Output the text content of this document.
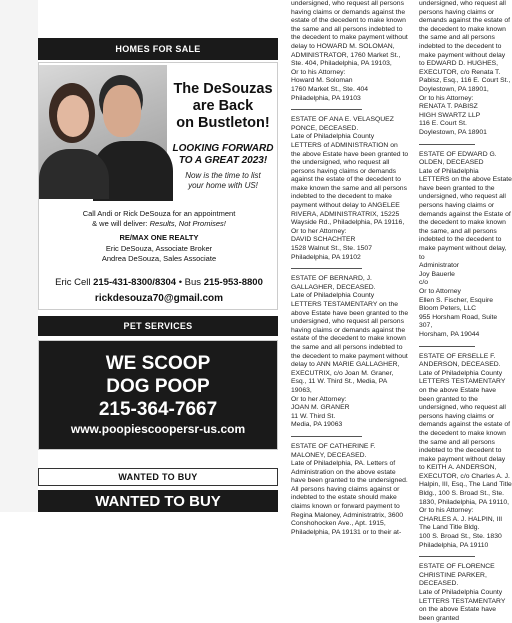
HOMES FOR SALE
The DeSouzas
are Back
on Bustleton!
LOOKING FORWARD
TO A GREAT 2023!
Now is the time to list
your home with US!
Call Andi or Rick DeSouza for an appointment
& we will deliver: Results, Not Promises!
RE/MAX ONE REALTY
Eric DeSouza, Associate Broker
Andrea DeSouza, Sales Associate
Eric Cell 215-431-8300/8304 • Bus 215-953-8800
rickdesouza70@gmail.com
PET SERVICES
WE SCOOP
DOG POOP
215-364-7667
www.poopiescoopersr-us.com
WANTED TO BUY
WANTED TO BUY

undersigned, who request all persons having claims or demands against the estate of the decedent to make known the same and all persons indebted to the decedent to make payment without delay to HOWARD M. SOLOMAN, ADMINISTRATOR, 1760 Market St., Ste. 404, Philadelphia, PA 19103,

Or to his Attorney:

Howard M. Soloman

1760 Market St., Ste. 404

Philadelphia, PA 19103

ESTATE OF ANA E. VELASQUEZ PONCE, DECEASED.

Late of Philadelphia County

LETTERS of ADMINISTRATION on the above Estate have been granted to the undersigned, who request all persons having claims or demands against the estate of the decedent to make known the same and all persons indebted to the decedent to make payment without delay to ANGELEE RIVERA, ADMINISTRATRIX, 15225 Wayside Rd., Philadelphia, PA 19116,

Or to her Attorney:

DAVID SCHACHTER

1528 Walnut St., Ste. 1507

Philadelphia, PA 19102

ESTATE OF BERNARD, J. GALLAGHER, DECEASED.

Late of Philadelphia County

LETTERS TESTAMENTARY on the above Estate have been granted to the undersigned, who request all persons having claims or demands against the estate of the decedent to make known the same and all persons indebted to the decedent to make payment without delay to ANN MARIE GALLAGHER, EXECUTRIX, c/o Joan M. Graner, Esq., 11 W. Third St., Media, PA 19063,

Or to her Attorney:

JOAN M. GRANER

11 W. Third St.

Media, PA 19063

ESTATE OF CATHERINE F. MALONEY, DECEASED.

Late of Philadelphia, PA. Letters of Administration on the above estate have been granted to the undersigned. All persons having claims against or indebted to the estate should make claims known or forward payment to Regina Maloney, Administratrix, 3600 Conshohocken Ave., Apt. 1915, Philadelphia, PA 19131 or to their at-

undersigned, who request all persons having claims or demands against the estate of the decedent to make known the same and all persons indebted to the decedent to make payment without delay to EDWARD D. HUGHES, EXECUTOR, c/o Renata T. Pabisz, Esq., 116 E. Court St., Doylestown, PA 18901,

Or to his Attorney:

RENATA T. PABISZ

HIGH SWARTZ LLP

116 E. Court St.

Doylestown, PA 18901

ESTATE OF EDWARD G. OLDEN, DECEASED

Late of Philadelphia

LETTERS on the above Estate have been granted to the undersigned, who request all persons having claims or demands against the Estate of the decedent to make known the same, and all persons indebted to the decedent to make payment without delay, to

Administrator

Joy Bauerle

c/o

Or to Attorney

Ellen S. Fischer, Esquire

Bloom Peters, LLC

955 Horsham Road, Suite 307,

Horsham, PA 19044

ESTATE OF ERSELLE F. ANDERSON, DECEASED.

Late of Philadelphia County

LETTERS TESTAMENTARY on the above Estate have been granted to the undersigned, who request all persons having claims or demands against the estate of the decedent to make known the same and all persons indebted to the decedent to make payment without delay to KEITH A. ANDERSON, EXECUTOR, c/o Charles A. J. Halpin, III, Esq., The Land Title Bldg., 100 S. Broad St., Ste. 1830, Philadelphia, PA 19110,

Or to his Attorney:

CHARLES A. J. HALPIN, III

The Land Title Bldg.

100 S. Broad St., Ste. 1830

Philadelphia, PA 19110

ESTATE OF FLORENCE CHRISTINE PARKER, DECEASED.

Late of Philadelphia County

LETTERS TESTAMENTARY on the above Estate have been granted
